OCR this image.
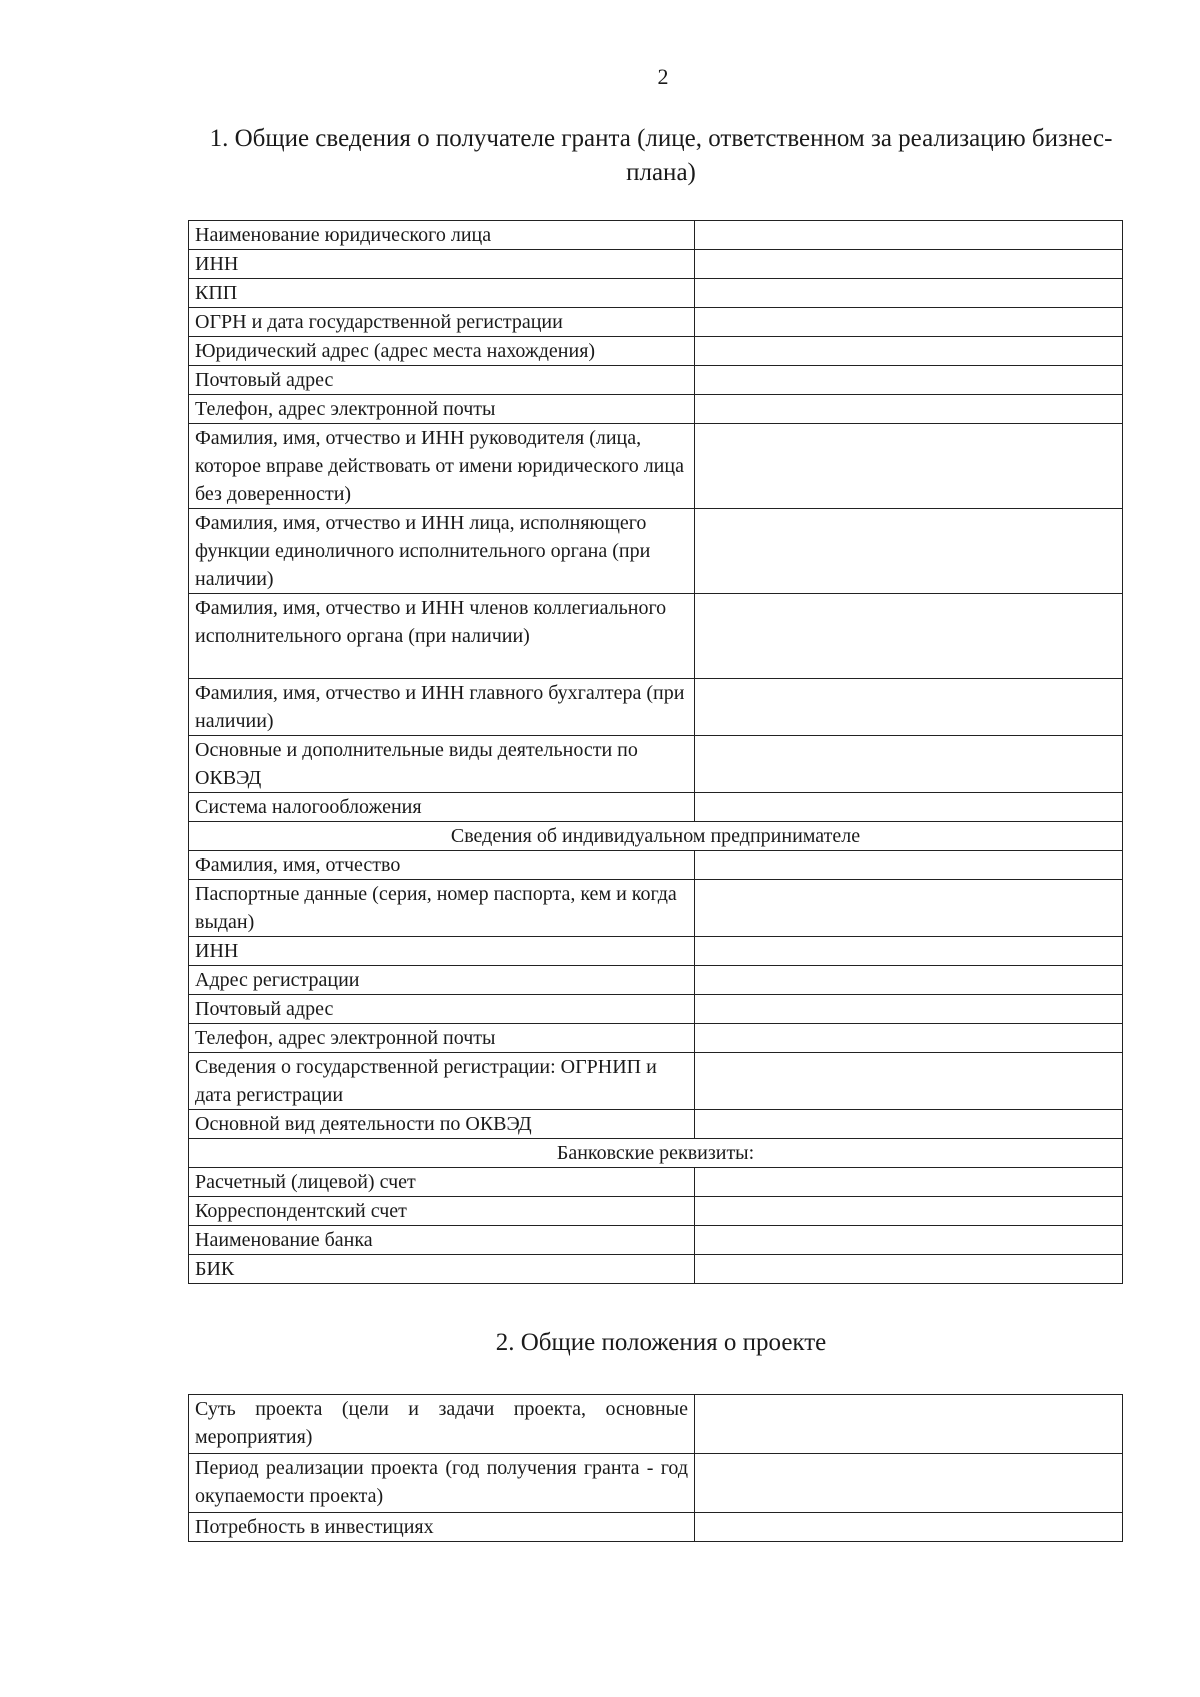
2
1. Общие сведения о получателе гранта (лице, ответственном за реализацию бизнес-плана)
Наименование юридического лица	
ИНН	
КПП	
ОГРН и дата государственной регистрации	
Юридический адрес (адрес места нахождения)	
Почтовый адрес	
Телефон, адрес электронной почты	
Фамилия, имя, отчество и ИНН руководителя (лица, которое вправе действовать от имени юридического лица без доверенности)	
Фамилия, имя, отчество и ИНН лица, исполняющего функции единоличного исполнительного органа (при наличии)	
Фамилия, имя, отчество и ИНН членов коллегиального исполнительного органа (при наличии)	
Фамилия, имя, отчество и ИНН главного бухгалтера (при наличии)	
Основные и дополнительные виды деятельности по ОКВЭД	
Система налогообложения	
Сведения об индивидуальном предпринимателе	
Фамилия, имя, отчество	
Паспортные данные (серия, номер паспорта, кем и когда выдан)	
ИНН	
Адрес регистрации	
Почтовый адрес	
Телефон, адрес электронной почты	
Сведения о государственной регистрации: ОГРНИП и дата регистрации	
Основной вид деятельности по ОКВЭД	
Банковские реквизиты:	
Расчетный (лицевой) счет	
Корреспондентский счет	
Наименование банка	
БИК	
2. Общие положения о проекте
Суть проекта (цели и задачи проекта, основные мероприятия)	
Период реализации проекта (год получения гранта - год окупаемости проекта)	
Потребность в инвестициях	
